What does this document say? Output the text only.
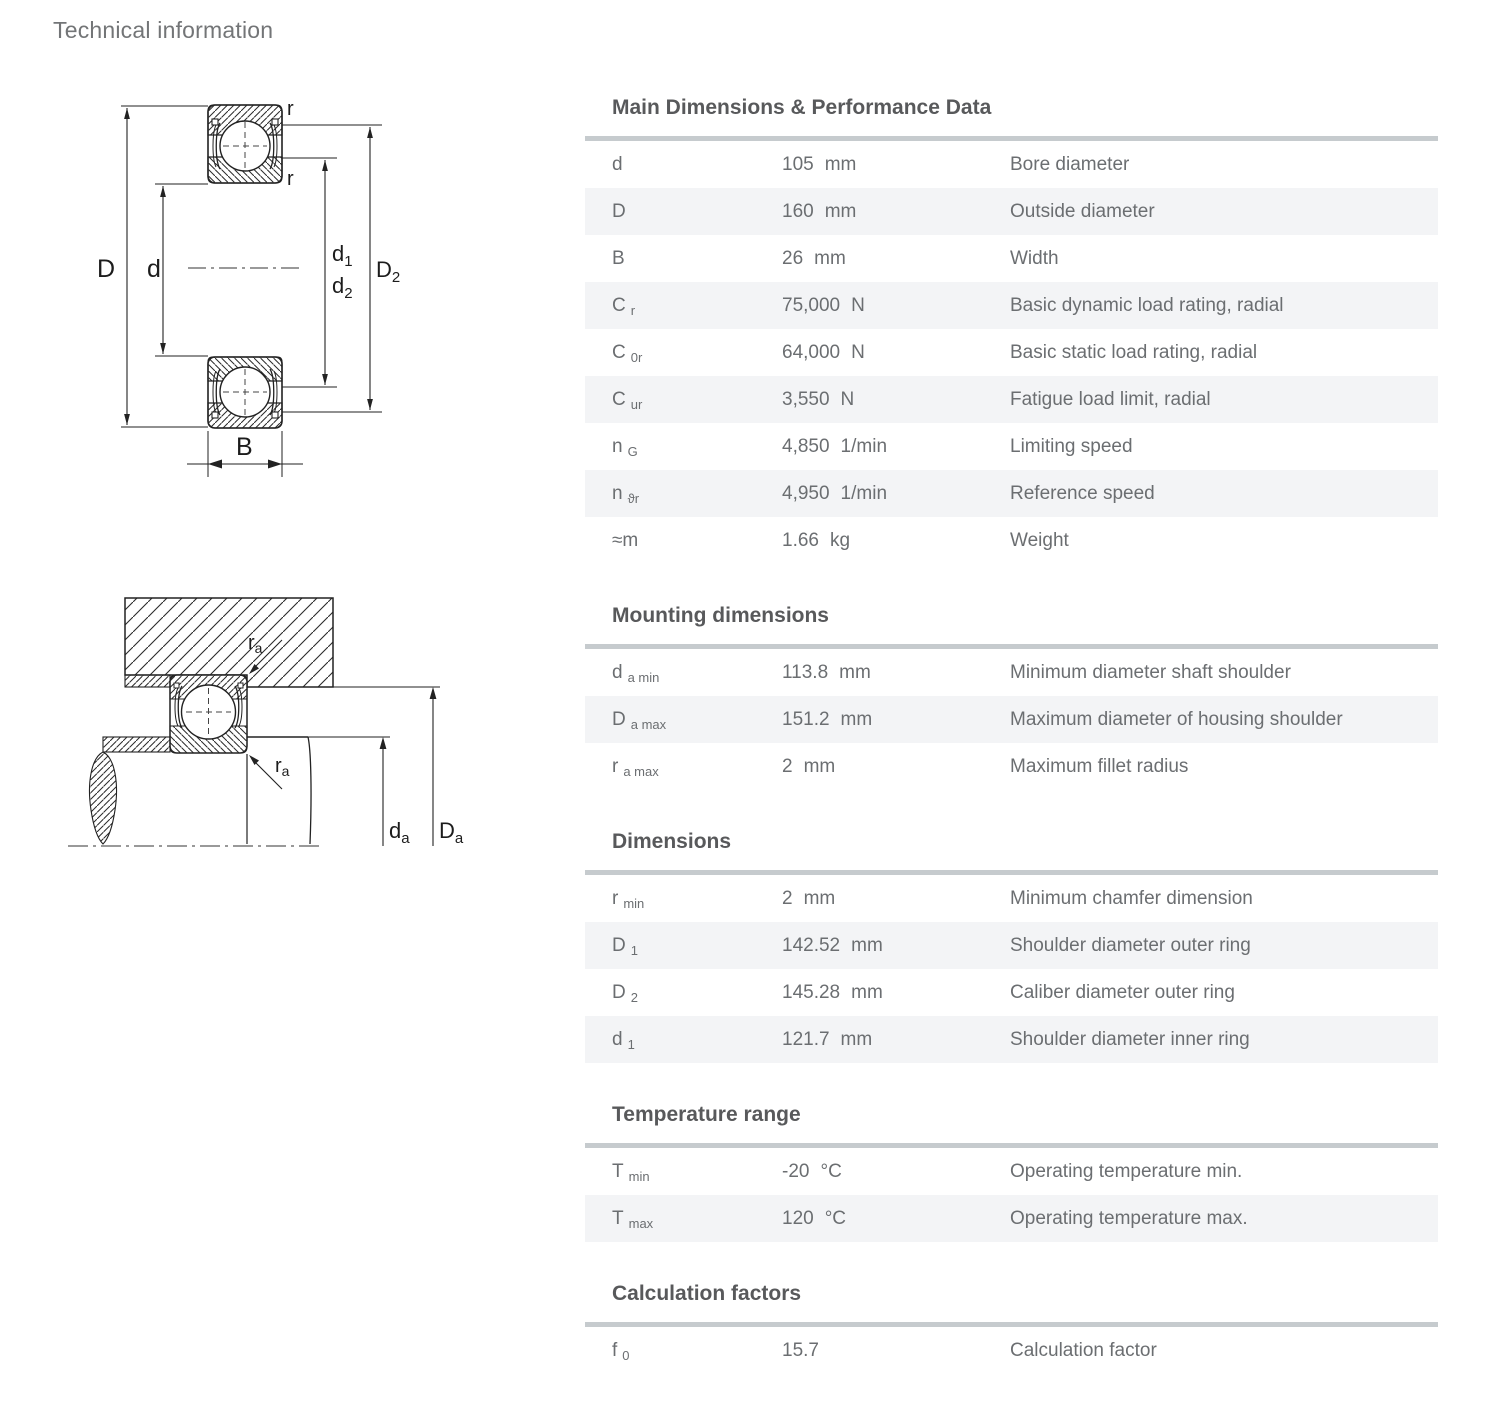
Technical information
D d
$d_1$
$d_2$
$D_2$
r
r
B
$r_a$
$r_a$
$d_a$ $D_a$
Main Dimensions & Performance Data
d	105 mm	Bore diameter
D	160 mm	Outside diameter
B	26 mm	Width
C $_r$	75,000 N	Basic dynamic load rating, radial
C $_{0r}$	64,000 N	Basic static load rating, radial
C $_{ur}$	3,550 N	Fatigue load limit, radial
n $_G$	4,850 1/min	Limiting speed
n $_{ϑr}$	4,950 1/min	Reference speed
≈m	1.66 kg	Weight
Mounting dimensions
d $_{a min}$	113.8 mm	Minimum diameter shaft shoulder
D $_{a max}$	151.2 mm	Maximum diameter of housing shoulder
r $_{a max}$	2 mm	Maximum fillet radius
Dimensions
r $_{min}$	2 mm	Minimum chamfer dimension
D $_1$	142.52 mm	Shoulder diameter outer ring
D $_2$	145.28 mm	Caliber diameter outer ring
d $_1$	121.7 mm	Shoulder diameter inner ring
Temperature range
T $_{min}$	-20 °C	Operating temperature min.
T $_{max}$	120 °C	Operating temperature max.
Calculation factors
f $_0$	15.7	Calculation factor
